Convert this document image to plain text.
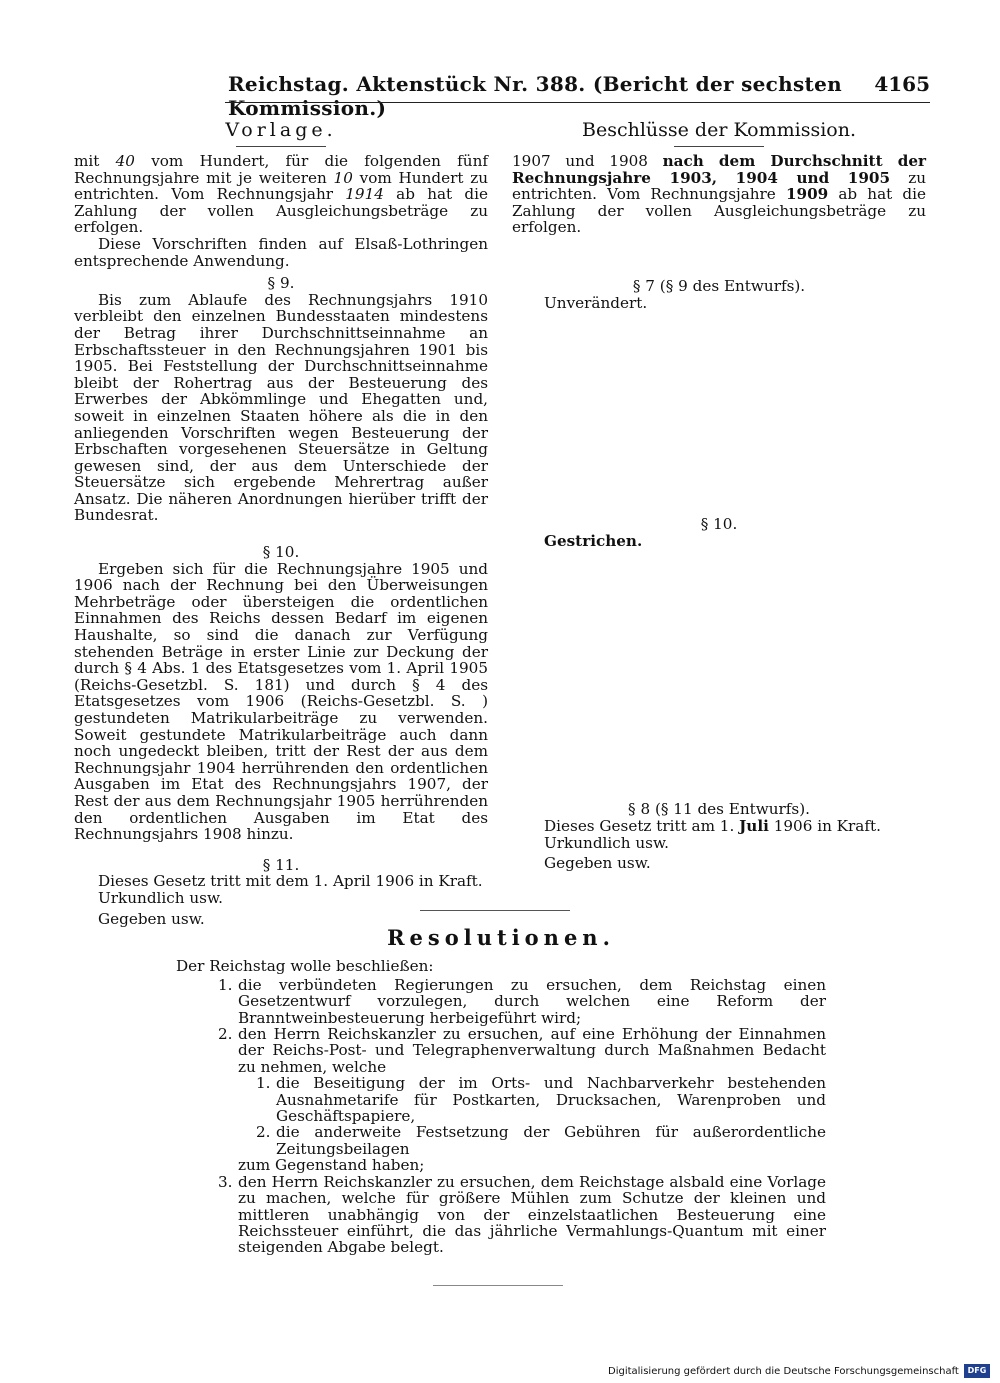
Reichstag. Aktenstück Nr. 388. (Bericht der sechsten Kommission.)
4165
Vorlage.

mit 40 vom Hundert, für die folgenden fünf Rechnungsjahre mit je weiteren 10 vom Hundert zu entrichten. Vom Rechnungsjahr 1914 ab hat die Zahlung der vollen Ausgleichungsbeträge zu erfolgen.

Diese Vorschriften finden auf Elsaß-Lothringen entsprechende Anwendung.

§ 9.

Bis zum Ablaufe des Rechnungsjahrs 1910 verbleibt den einzelnen Bundesstaaten mindestens der Betrag ihrer Durchschnittseinnahme an Erbschaftssteuer in den Rechnungsjahren 1901 bis 1905. Bei Feststellung der Durchschnittseinnahme bleibt der Rohertrag aus der Besteuerung des Erwerbes der Abkömmlinge und Ehegatten und, soweit in einzelnen Staaten höhere als die in den anliegenden Vorschriften wegen Besteuerung der Erbschaften vorgesehenen Steuersätze in Geltung gewesen sind, der aus dem Unterschiede der Steuersätze sich ergebende Mehrertrag außer Ansatz. Die näheren Anordnungen hierüber trifft der Bundesrat.

§ 10.

Ergeben sich für die Rechnungsjahre 1905 und 1906 nach der Rechnung bei den Überweisungen Mehrbeträge oder übersteigen die ordentlichen Einnahmen des Reichs dessen Bedarf im eigenen Haushalte, so sind die danach zur Verfügung stehenden Beträge in erster Linie zur Deckung der durch § 4 Abs. 1 des Etatsgesetzes vom 1. April 1905 (Reichs-Gesetzbl. S. 181) und durch § 4 des Etatsgesetzes vom 1906 (Reichs-Gesetzbl. S. ) gestundeten Matrikularbeiträge zu verwenden. Soweit gestundete Matrikularbeiträge auch dann noch ungedeckt bleiben, tritt der Rest der aus dem Rechnungsjahr 1904 herrührenden den ordentlichen Ausgaben im Etat des Rechnungsjahrs 1907, der Rest der aus dem Rechnungsjahr 1905 herrührenden den ordentlichen Ausgaben im Etat des Rechnungsjahrs 1908 hinzu.

§ 11.

Dieses Gesetz tritt mit dem 1. April 1906 in Kraft.

Urkundlich usw.

Gegeben usw.

Beschlüsse der Kommission.

1907 und 1908 nach dem Durchschnitt der Rechnungsjahre 1903, 1904 und 1905 zu entrichten. Vom Rechnungsjahre 1909 ab hat die Zahlung der vollen Ausgleichungsbeträge zu erfolgen.

§ 7 (§ 9 des Entwurfs).

Unverändert.

§ 10.

Gestrichen.

§ 8 (§ 11 des Entwurfs).

Dieses Gesetz tritt am 1. Juli 1906 in Kraft.

Urkundlich usw.

Gegeben usw.

Resolutionen.

Der Reichstag wolle beschließen:

1. die verbündeten Regierungen zu ersuchen, dem Reichstag einen Gesetzentwurf vorzulegen, durch welchen eine Reform der Branntweinbesteuerung herbeigeführt wird;
2. den Herrn Reichskanzler zu ersuchen, auf eine Erhöhung der Einnahmen der Reichs-Post- und Telegraphenverwaltung durch Maßnahmen Bedacht zu nehmen, welche
1. die Beseitigung der im Orts- und Nachbarverkehr bestehenden Ausnahmetarife für Postkarten, Drucksachen, Warenproben und Geschäftspapiere,
2. die anderweite Festsetzung der Gebühren für außerordentliche Zeitungsbeilagen
zum Gegenstand haben;
3. den Herrn Reichskanzler zu ersuchen, dem Reichstage alsbald eine Vorlage zu machen, welche für größere Mühlen zum Schutze der kleinen und mittleren unabhängig von der einzelstaatlichen Besteuerung eine Reichssteuer einführt, die das jährliche Vermahlungs-Quantum mit einer steigenden Abgabe belegt.
Digitalisierung gefördert durch die Deutsche Forschungsgemeinschaft	DFG
